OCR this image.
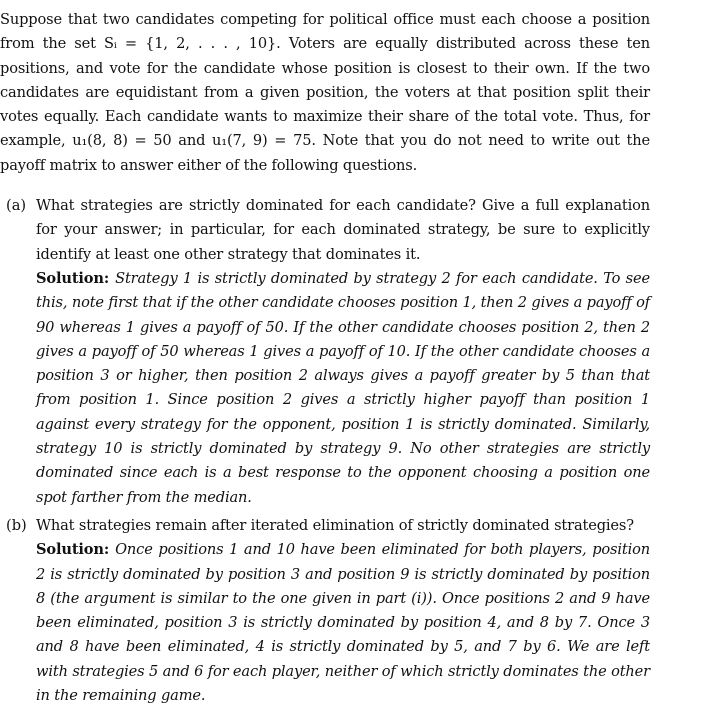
Suppose that two candidates competing for political office must each choose a position from the set Sᵢ = {1, 2, . . . , 10}. Voters are equally distributed across these ten positions, and vote for the candidate whose position is closest to their own. If the two candidates are equidistant from a given position, the voters at that position split their votes equally. Each candidate wants to maximize their share of the total vote. Thus, for example, u₁(8, 8) = 50 and u₁(7, 9) = 75. Note that you do not need to write out the payoff matrix to answer either of the following questions.

(a) What strategies are strictly dominated for each candidate? Give a full explanation for your answer; in particular, for each dominated strategy, be sure to explicitly identify at least one other strategy that dominates it.

Solution: Strategy 1 is strictly dominated by strategy 2 for each candidate. To see this, note first that if the other candidate chooses position 1, then 2 gives a payoff of 90 whereas 1 gives a payoff of 50. If the other candidate chooses position 2, then 2 gives a payoff of 50 whereas 1 gives a payoff of 10. If the other candidate chooses a position 3 or higher, then position 2 always gives a payoff greater by 5 than that from position 1. Since position 2 gives a strictly higher payoff than position 1 against every strategy for the opponent, position 1 is strictly dominated. Similarly, strategy 10 is strictly dominated by strategy 9. No other strategies are strictly dominated since each is a best response to the opponent choosing a position one spot farther from the median.

(b) What strategies remain after iterated elimination of strictly dominated strategies?

Solution: Once positions 1 and 10 have been eliminated for both players, position 2 is strictly dominated by position 3 and position 9 is strictly dominated by position 8 (the argument is similar to the one given in part (i)). Once positions 2 and 9 have been eliminated, position 3 is strictly dominated by position 4, and 8 by 7. Once 3 and 8 have been eliminated, 4 is strictly dominated by 5, and 7 by 6. We are left with strategies 5 and 6 for each player, neither of which strictly dominates the other in the remaining game.
